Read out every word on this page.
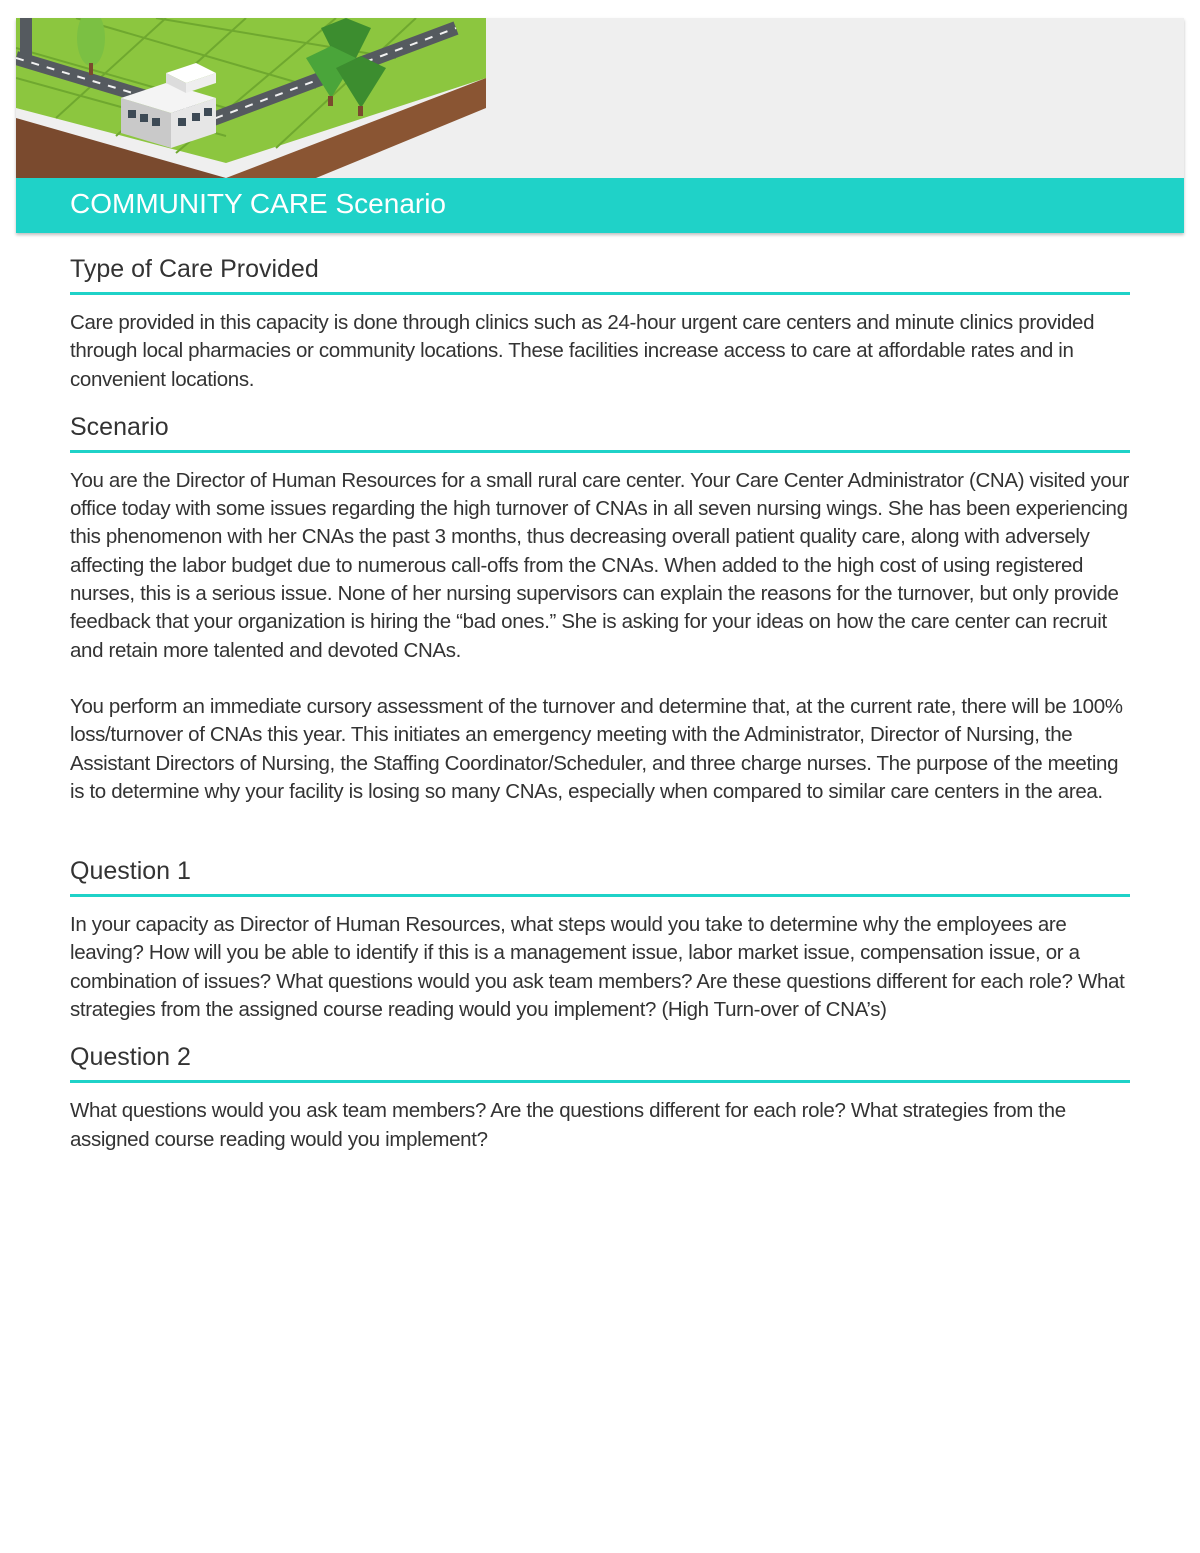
COMMUNITY CARE Scenario
Type of Care Provided

Care provided in this capacity is done through clinics such as 24-hour urgent care centers and minute clinics provided through local pharmacies or community locations. These facilities increase access to care at affordable rates and in convenient locations.

Scenario

You are the Director of Human Resources for a small rural care center. Your Care Center Administrator (CNA) visited your office today with some issues regarding the high turnover of CNAs in all seven nursing wings. She has been experiencing this phenomenon with her CNAs the past 3 months, thus decreasing overall patient quality care, along with adversely affecting the labor budget due to numerous call-offs from the CNAs. When added to the high cost of using registered nurses, this is a serious issue. None of her nursing supervisors can explain the reasons for the turnover, but only provide feedback that your organization is hiring the “bad ones.” She is asking for your ideas on how the care center can recruit and retain more talented and devoted CNAs.

You perform an immediate cursory assessment of the turnover and determine that, at the current rate, there will be 100% loss/turnover of CNAs this year. This initiates an emergency meeting with the Administrator, Director of Nursing, the Assistant Directors of Nursing, the Staffing Coordinator/Scheduler, and three charge nurses. The purpose of the meeting is to determine why your facility is losing so many CNAs, especially when compared to similar care centers in the area.

Question 1

In your capacity as Director of Human Resources, what steps would you take to determine why the employees are leaving? How will you be able to identify if this is a management issue, labor market issue, compensation issue, or a combination of issues? What questions would you ask team members? Are these questions different for each role? What strategies from the assigned course reading would you implement? (High Turn-over of CNA’s)

Question 2

What questions would you ask team members? Are the questions different for each role? What strategies from the assigned course reading would you implement?
